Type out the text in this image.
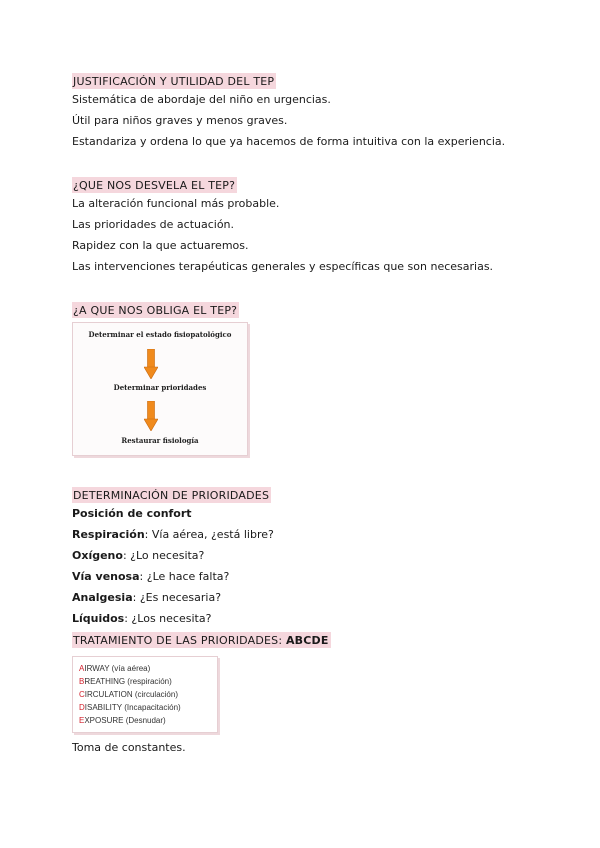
JUSTIFICACIÓN Y UTILIDAD DEL TEP
Sistemática de abordaje del niño en urgencias.
Útil para niños graves y menos graves.
Estandariza y ordena lo que ya hacemos de forma intuitiva con la experiencia.
¿QUE NOS DESVELA EL TEP?
La alteración funcional más probable.
Las prioridades de actuación.
Rapidez con la que actuaremos.
Las intervenciones terapéuticas generales y específicas que son necesarias.
¿A QUE NOS OBLIGA EL TEP?
Determinar el estado fisiopatológico
Determinar prioridades
Restaurar fisiología
DETERMINACIÓN DE PRIORIDADES
Posición de confort
Respiración: Vía aérea, ¿está libre?
Oxígeno: ¿Lo necesita?
Vía venosa: ¿Le hace falta?
Analgesia: ¿Es necesaria?
Líquidos: ¿Los necesita?
TRATAMIENTO DE LAS PRIORIDADES: ABCDE
AIRWAY (vía aérea)
BREATHING (respiración)
CIRCULATION (circulación)
DISABILITY (Incapacitación)
EXPOSURE (Desnudar)
Toma de constantes.
